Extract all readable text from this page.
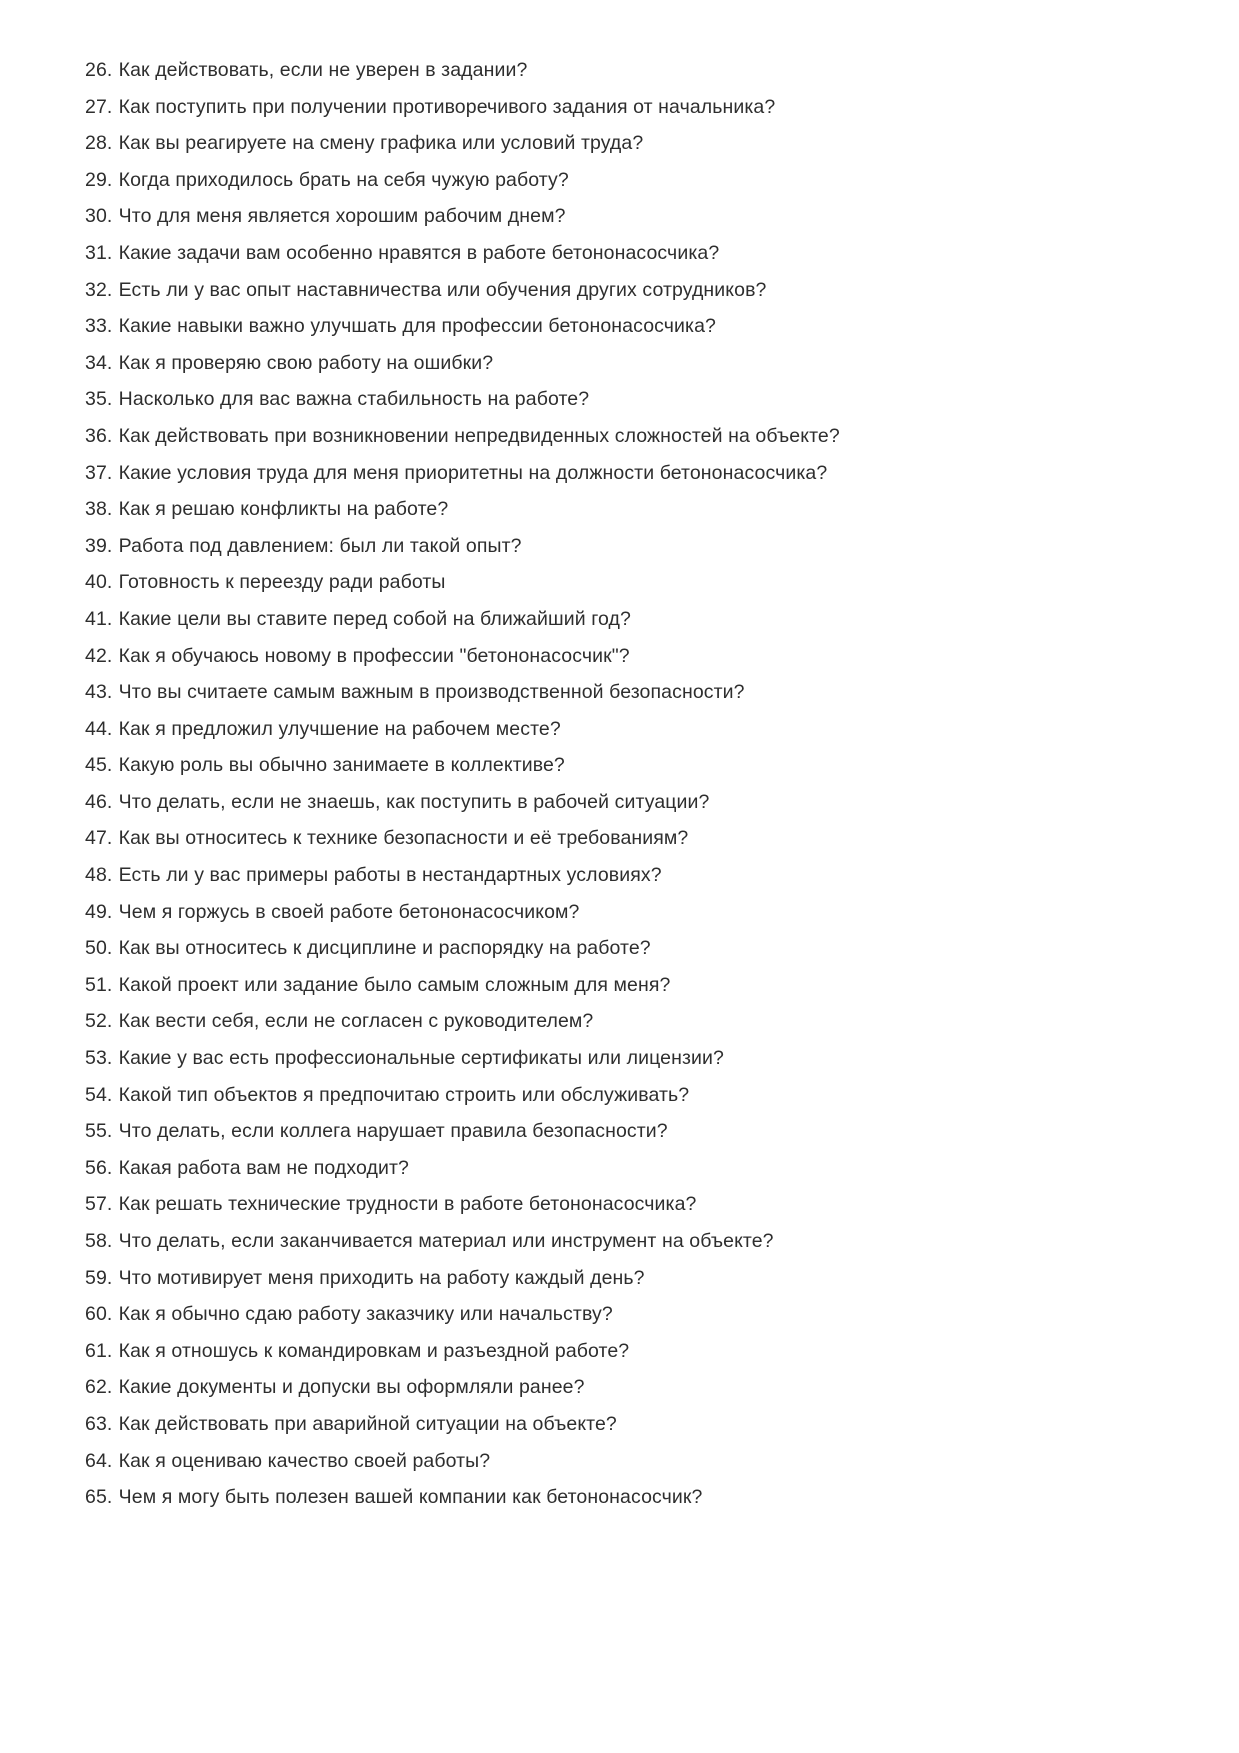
26. Как действовать, если не уверен в задании?
27. Как поступить при получении противоречивого задания от начальника?
28. Как вы реагируете на смену графика или условий труда?
29. Когда приходилось брать на себя чужую работу?
30. Что для меня является хорошим рабочим днем?
31. Какие задачи вам особенно нравятся в работе бетононасосчика?
32. Есть ли у вас опыт наставничества или обучения других сотрудников?
33. Какие навыки важно улучшать для профессии бетононасосчика?
34. Как я проверяю свою работу на ошибки?
35. Насколько для вас важна стабильность на работе?
36. Как действовать при возникновении непредвиденных сложностей на объекте?
37. Какие условия труда для меня приоритетны на должности бетононасосчика?
38. Как я решаю конфликты на работе?
39. Работа под давлением: был ли такой опыт?
40. Готовность к переезду ради работы
41. Какие цели вы ставите перед собой на ближайший год?
42. Как я обучаюсь новому в профессии "бетононасосчик"?
43. Что вы считаете самым важным в производственной безопасности?
44. Как я предложил улучшение на рабочем месте?
45. Какую роль вы обычно занимаете в коллективе?
46. Что делать, если не знаешь, как поступить в рабочей ситуации?
47. Как вы относитесь к технике безопасности и её требованиям?
48. Есть ли у вас примеры работы в нестандартных условиях?
49. Чем я горжусь в своей работе бетононасосчиком?
50. Как вы относитесь к дисциплине и распорядку на работе?
51. Какой проект или задание было самым сложным для меня?
52. Как вести себя, если не согласен с руководителем?
53. Какие у вас есть профессиональные сертификаты или лицензии?
54. Какой тип объектов я предпочитаю строить или обслуживать?
55. Что делать, если коллега нарушает правила безопасности?
56. Какая работа вам не подходит?
57. Как решать технические трудности в работе бетононасосчика?
58. Что делать, если заканчивается материал или инструмент на объекте?
59. Что мотивирует меня приходить на работу каждый день?
60. Как я обычно сдаю работу заказчику или начальству?
61. Как я отношусь к командировкам и разъездной работе?
62. Какие документы и допуски вы оформляли ранее?
63. Как действовать при аварийной ситуации на объекте?
64. Как я оцениваю качество своей работы?
65. Чем я могу быть полезен вашей компании как бетононасосчик?
